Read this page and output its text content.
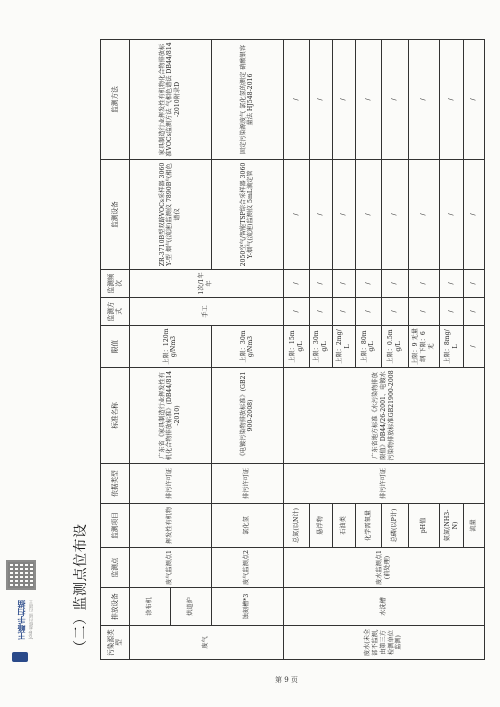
（二）监测点位布设	污染源类型	排放设备	监测点	监测项目	依据类型	标准名称	限值	监测方式	监测频次	监测设备	监测方法
废气	涂布机	废气监测点1	挥发性有机物	排污许可证	广东省《家具制造行业挥发性有机化合物排放标准》(DB44/814-2010)	上限：120mg/Nm3	手工	1次/1年年	ZR-3710B型双路VOCs采样器 3060Y-型 烟气(流速)监测仪 7890B气相色谱仪	家具制造行业挥发性有机物化合物排放标准VOCs监测方法 气相色谱法 DB44/814-2010附录D
	烘道炉									
	蚀刻槽*3	废气监测点2	氯化氢	排污许可证	《电镀污染物排放标准》(GB21900-2008)	上限：30mg/Nm3			2050空气/智能TSP综合采样器 3060Y-烟气(流速)监测仪 5mL滴定管	固定污染源废气 氯化氢的测定 硝酸银容量法 HJ548-2016
废水(未全部不监测,由第三方检测单位监测)	水洗槽	废水监测点1(前处理)	总氮(以N计)	排污许可证	广东省地方标准《水污染物排放限值》DB44/26-2001、电镀水污染物排放标准GB21900-2008	上限：15mg/L	/	/	/	/
			悬浮物			上限：30mg/L	/	/	/	/
			石油类			上限：2mg/L	/	/	/	/
			化学需氧量			上限：80mg/L	/	/	/	/
			总磷(以P计)			上限：0.5mg/L	/	/	/	/
			pH值			上限：9 无量纲 下限：6 无	/	/	/	/
			氨氮(NH3-N)			上限：8mg/L	/	/	/	/
			流量			/	/	/	/	/
第 9 页
王峰手扫描 Jdsb 超级扫描 扫描王
